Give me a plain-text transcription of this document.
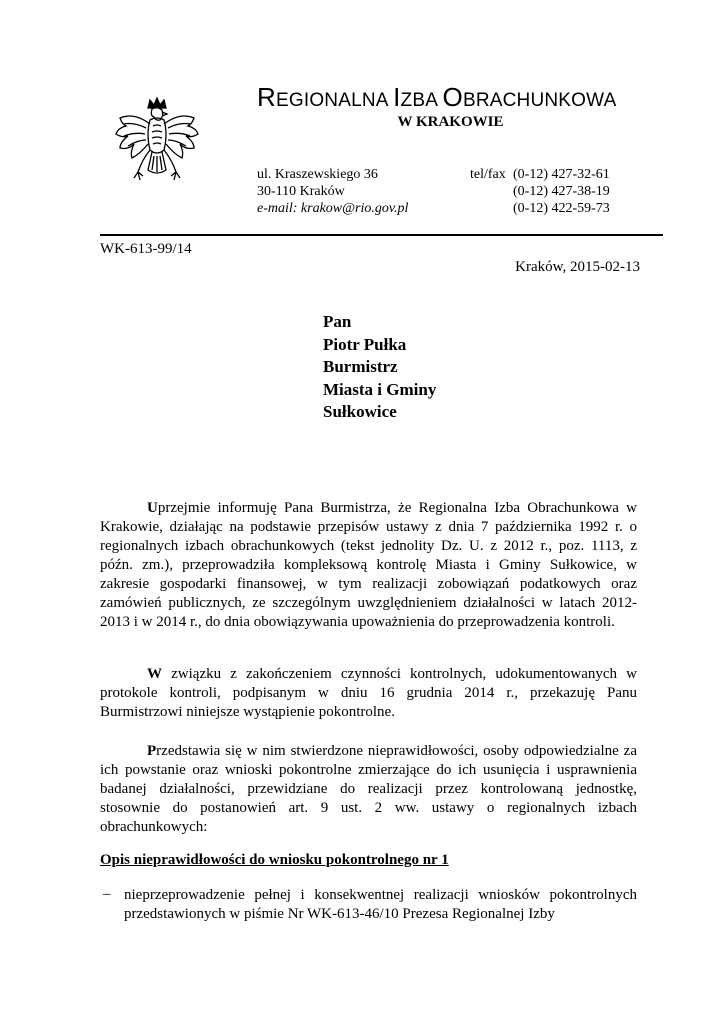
REGIONALNA IZBA OBRACHUNKOWA
W KRAKOWIE
ul. Kraszewskiego 36
30-110 Kraków
e-mail: krakow@rio.gov.pl
tel/fax (0-12) 427-32-61
(0-12) 427-38-19
(0-12) 422-59-73
WK-613-99/14
Kraków, 2015-02-13
Pan
Piotr Pułka
Burmistrz
Miasta i Gminy
Sułkowice
Uprzejmie informuję Pana Burmistrza, że Regionalna Izba Obrachunkowa w Krakowie, działając na podstawie przepisów ustawy z dnia 7 października 1992 r. o regionalnych izbach obrachunkowych (tekst jednolity Dz. U. z 2012 r., poz. 1113, z późn. zm.), przeprowadziła kompleksową kontrolę Miasta i Gminy Sułkowice, w zakresie gospodarki finansowej, w tym realizacji zobowiązań podatkowych oraz zamówień publicznych, ze szczególnym uwzględnieniem działalności w latach 2012-2013 i w 2014 r., do dnia obowiązywania upoważnienia do przeprowadzenia kontroli.
W związku z zakończeniem czynności kontrolnych, udokumentowanych w protokole kontroli, podpisanym w dniu 16 grudnia 2014 r., przekazuję Panu Burmistrzowi niniejsze wystąpienie pokontrolne.
Przedstawia się w nim stwierdzone nieprawidłowości, osoby odpowiedzialne za ich powstanie oraz wnioski pokontrolne zmierzające do ich usunięcia i usprawnienia badanej działalności, przewidziane do realizacji przez kontrolowaną jednostkę, stosownie do postanowień art. 9 ust. 2 ww. ustawy o regionalnych izbach obrachunkowych:
Opis nieprawidłowości do wniosku pokontrolnego nr 1
– nieprzeprowadzenie pełnej i konsekwentnej realizacji wniosków pokontrolnych przedstawionych w piśmie Nr WK-613-46/10 Prezesa Regionalnej Izby
